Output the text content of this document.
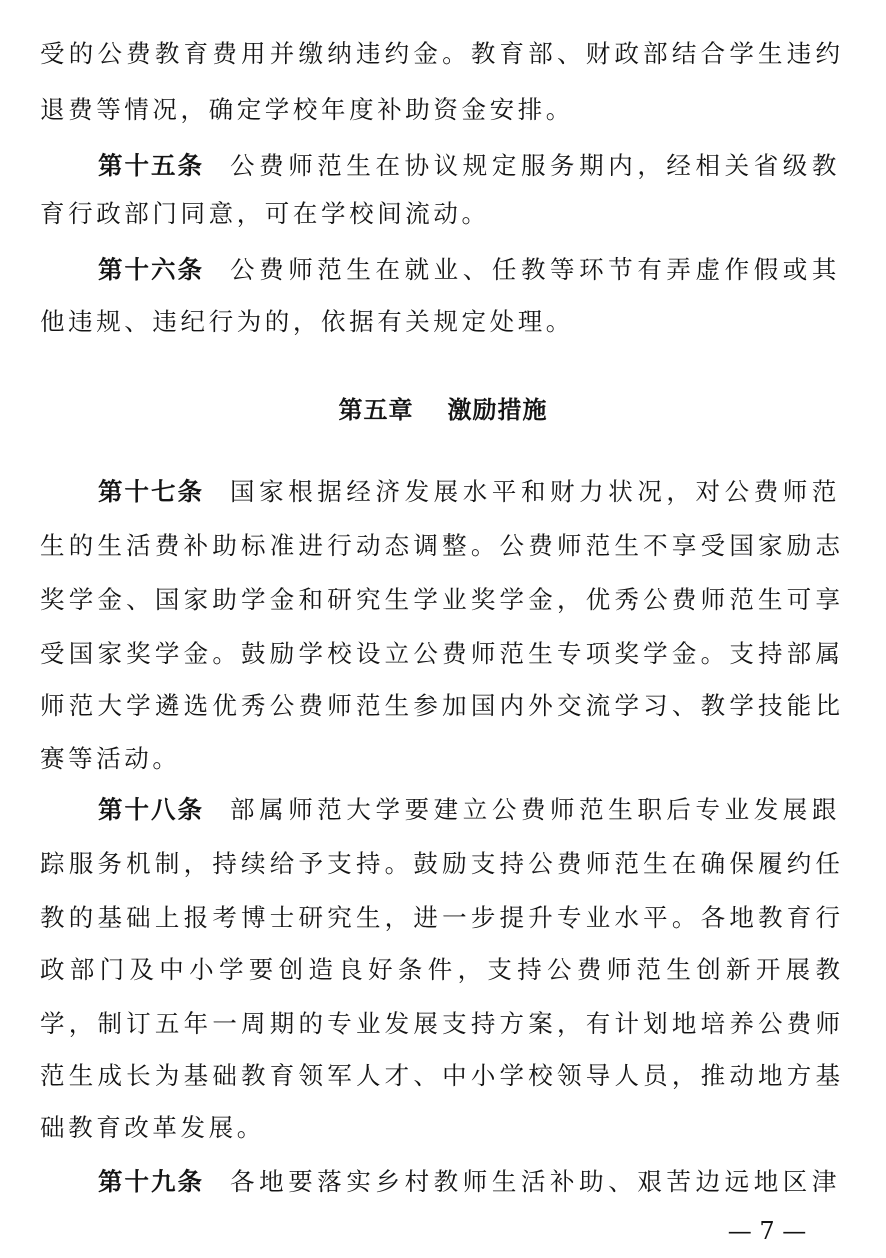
受的公费教育费用并缴纳违约金。教育部、财政部结合学生违约
退费等情况，确定学校年度补助资金安排。
第十五条 公费师范生在协议规定服务期内，经相关省级教
育行政部门同意，可在学校间流动。
第十六条 公费师范生在就业、任教等环节有弄虚作假或其
他违规、违纪行为的，依据有关规定处理。
第五章 激励措施
第十七条 国家根据经济发展水平和财力状况，对公费师范
生的生活费补助标准进行动态调整。公费师范生不享受国家励志
奖学金、国家助学金和研究生学业奖学金，优秀公费师范生可享
受国家奖学金。鼓励学校设立公费师范生专项奖学金。支持部属
师范大学遴选优秀公费师范生参加国内外交流学习、教学技能比
赛等活动。
第十八条 部属师范大学要建立公费师范生职后专业发展跟
踪服务机制，持续给予支持。鼓励支持公费师范生在确保履约任
教的基础上报考博士研究生，进一步提升专业水平。各地教育行
政部门及中小学要创造良好条件，支持公费师范生创新开展教
学，制订五年一周期的专业发展支持方案，有计划地培养公费师
范生成长为基础教育领军人才、中小学校领导人员，推动地方基
础教育改革发展。
第十九条 各地要落实乡村教师生活补助、艰苦边远地区津
— 7 —
